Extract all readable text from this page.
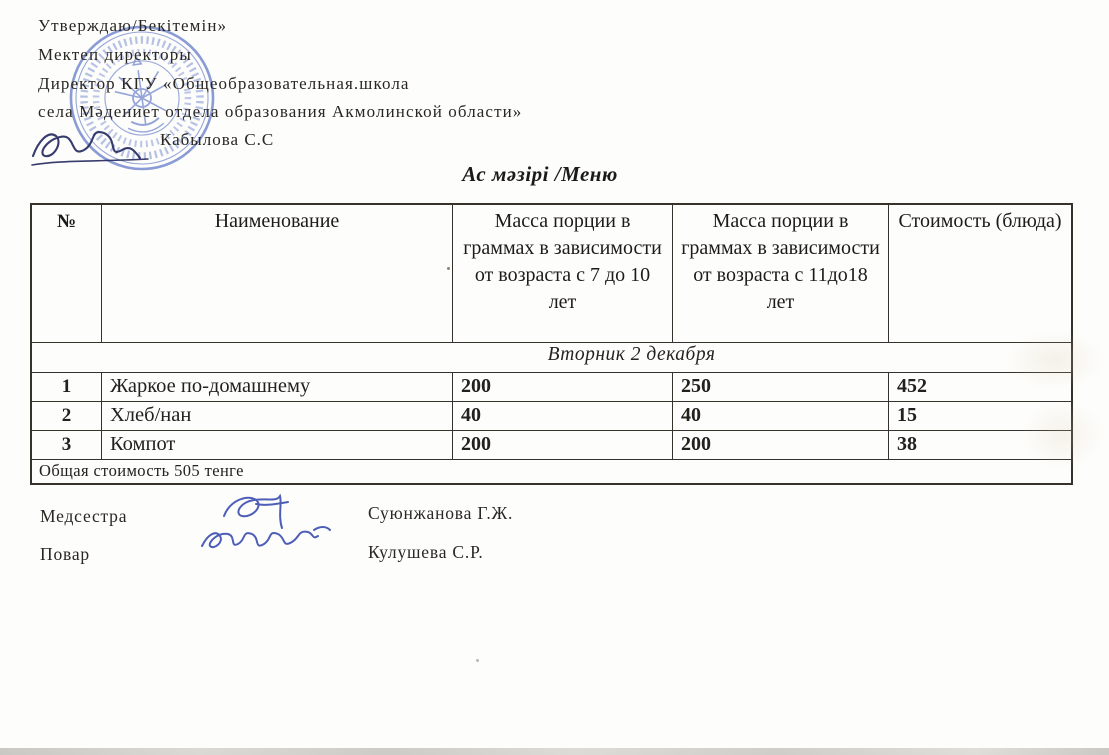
Утверждаю/Бекітемін»
Мектеп директоры
Директор КГУ «Общеобразовательная.школа
села Мәдениет отдела образования Акмолинской области»
Кабылова С.С
Ас мәзірі /Меню
№	Наименование	Масса порции в граммах в зависимости от возраста с 7 до 10 лет	Масса порции в граммах в зависимости от возраста с 11до18 лет	Стоимость (блюда)
Вторник 2 декабря				
1	Жаркое по-домашнему	200	250	452
2	Хлеб/нан	40	40	15
3	Компот	200	200	38
Общая стоимость 505 тенге				
Медсестра
Повар
Суюнжанова Г.Ж.
Кулушева С.Р.
